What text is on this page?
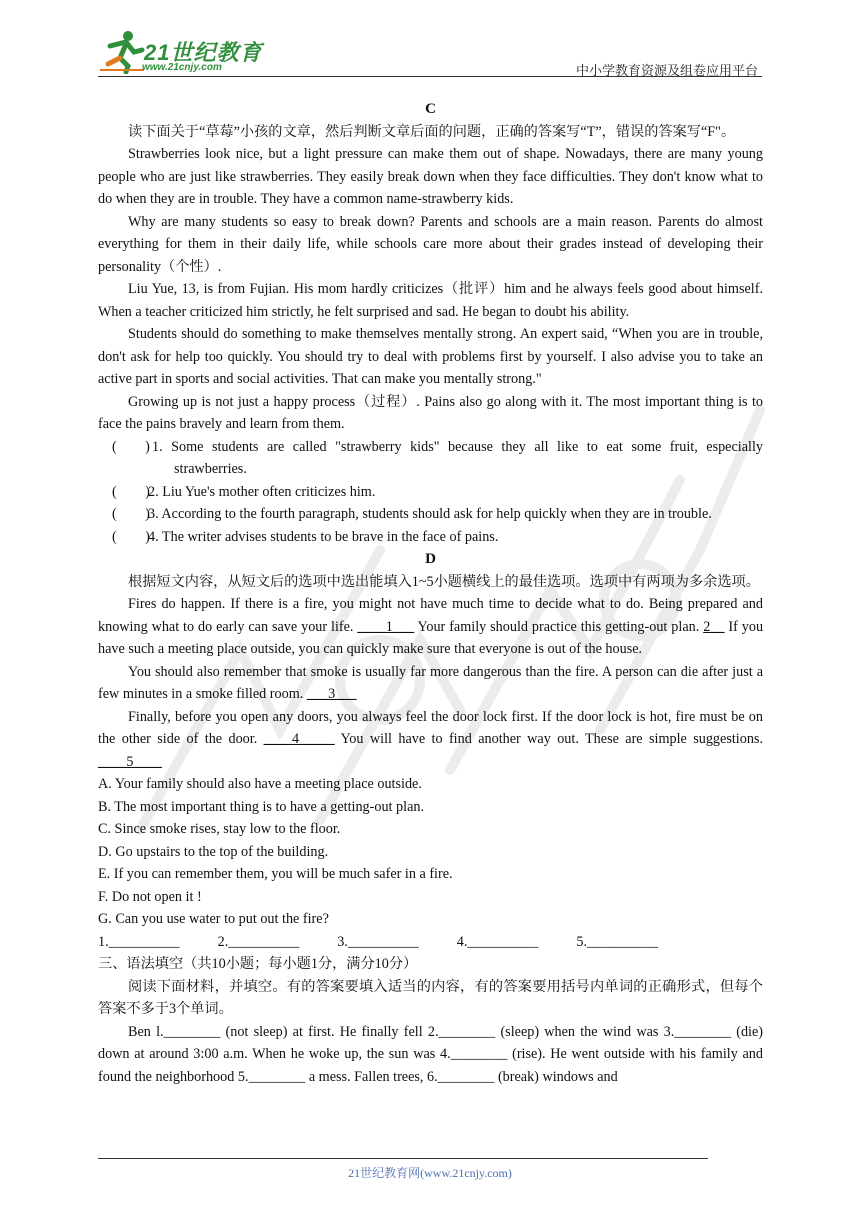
21世纪教育
www.21cnjy.com	中小学教育资源及组卷应用平台

C

读下面关于“草莓”小孩的文章，然后判断文章后面的问题，正确的答案写“T”，错误的答案写“F"。

Strawberries look nice, but a light pressure can make them out of shape. Nowadays, there are many young people who are just like strawberries. They easily break down when they face difficulties. They don't know what to do when they are in trouble. They have a common name-strawberry kids.

Why are many students so easy to break down? Parents and schools are a main reason. Parents do almost everything for them in their daily life, while schools care more about their grades instead of developing their personality（个性）.

Liu Yue, 13, is from Fujian. His mom hardly criticizes（批评）him and he always feels good about himself. When a teacher criticized him strictly, he felt surprised and sad. He began to doubt his ability.

Students should do something to make themselves mentally strong. An expert said, “When you are in trouble, don't ask for help too quickly. You should try to deal with problems first by yourself. I also advise you to take an active part in sports and social activities. That can make you mentally strong."

Growing up is not just a happy process（过程）. Pains also go along with it. The most important thing is to face the pains bravely and learn from them.

(　　) 1. Some students are called "strawberry kids" because they all like to eat some fruit, especially strawberries.

(　　)2. Liu Yue's mother often criticizes him.

(　　)3. According to the fourth paragraph, students should ask for help quickly when they are in trouble.

(　　)4. The writer advises students to be brave in the face of pains.

D

根据短文内容，从短文后的选项中选出能填入1~5小题横线上的最佳选项。选项中有两项为多余选项。

Fires do happen. If there is a fire, you might not have much time to decide what to do. Being prepared and knowing what to do early can save your life. ____1___ Your family should practice this getting-out plan. 2__ If you have such a meeting place outside, you can quickly make sure that everyone is out of the house.

You should also remember that smoke is usually far more dangerous than the fire. A person can die after just a few minutes in a smoke filled room. ___3___

Finally, before you open any doors, you always feel the door lock first. If the door lock is hot, fire must be on the other side of the door. ____4_____ You will have to find another way out. These are simple suggestions. ____5____

A. Your family should also have a meeting place outside.

B. The most important thing is to have a getting-out plan.

C. Since smoke rises, stay low to the floor.

D. Go upstairs to the top of the building.

E. If you can remember them, you will be much safer in a fire.

F. Do not open it !

G. Can you use water to put out the fire?

1.__________	2.__________	3.__________	4.__________	5.__________

三、语法填空（共10小题；每小题1分，满分10分）

阅读下面材料，并填空。有的答案要填入适当的内容，有的答案要用括号内单词的正确形式，但每个答案不多于3个单词。

Ben l.________ (not sleep) at first. He finally fell 2.________ (sleep) when the wind was 3.________ (die) down at around 3:00 a.m. When he woke up, the sun was 4.________ (rise). He went outside with his family and found the neighborhood 5.________ a mess. Fallen trees, 6.________ (break) windows and

21世纪教育网(www.21cnjy.com)
